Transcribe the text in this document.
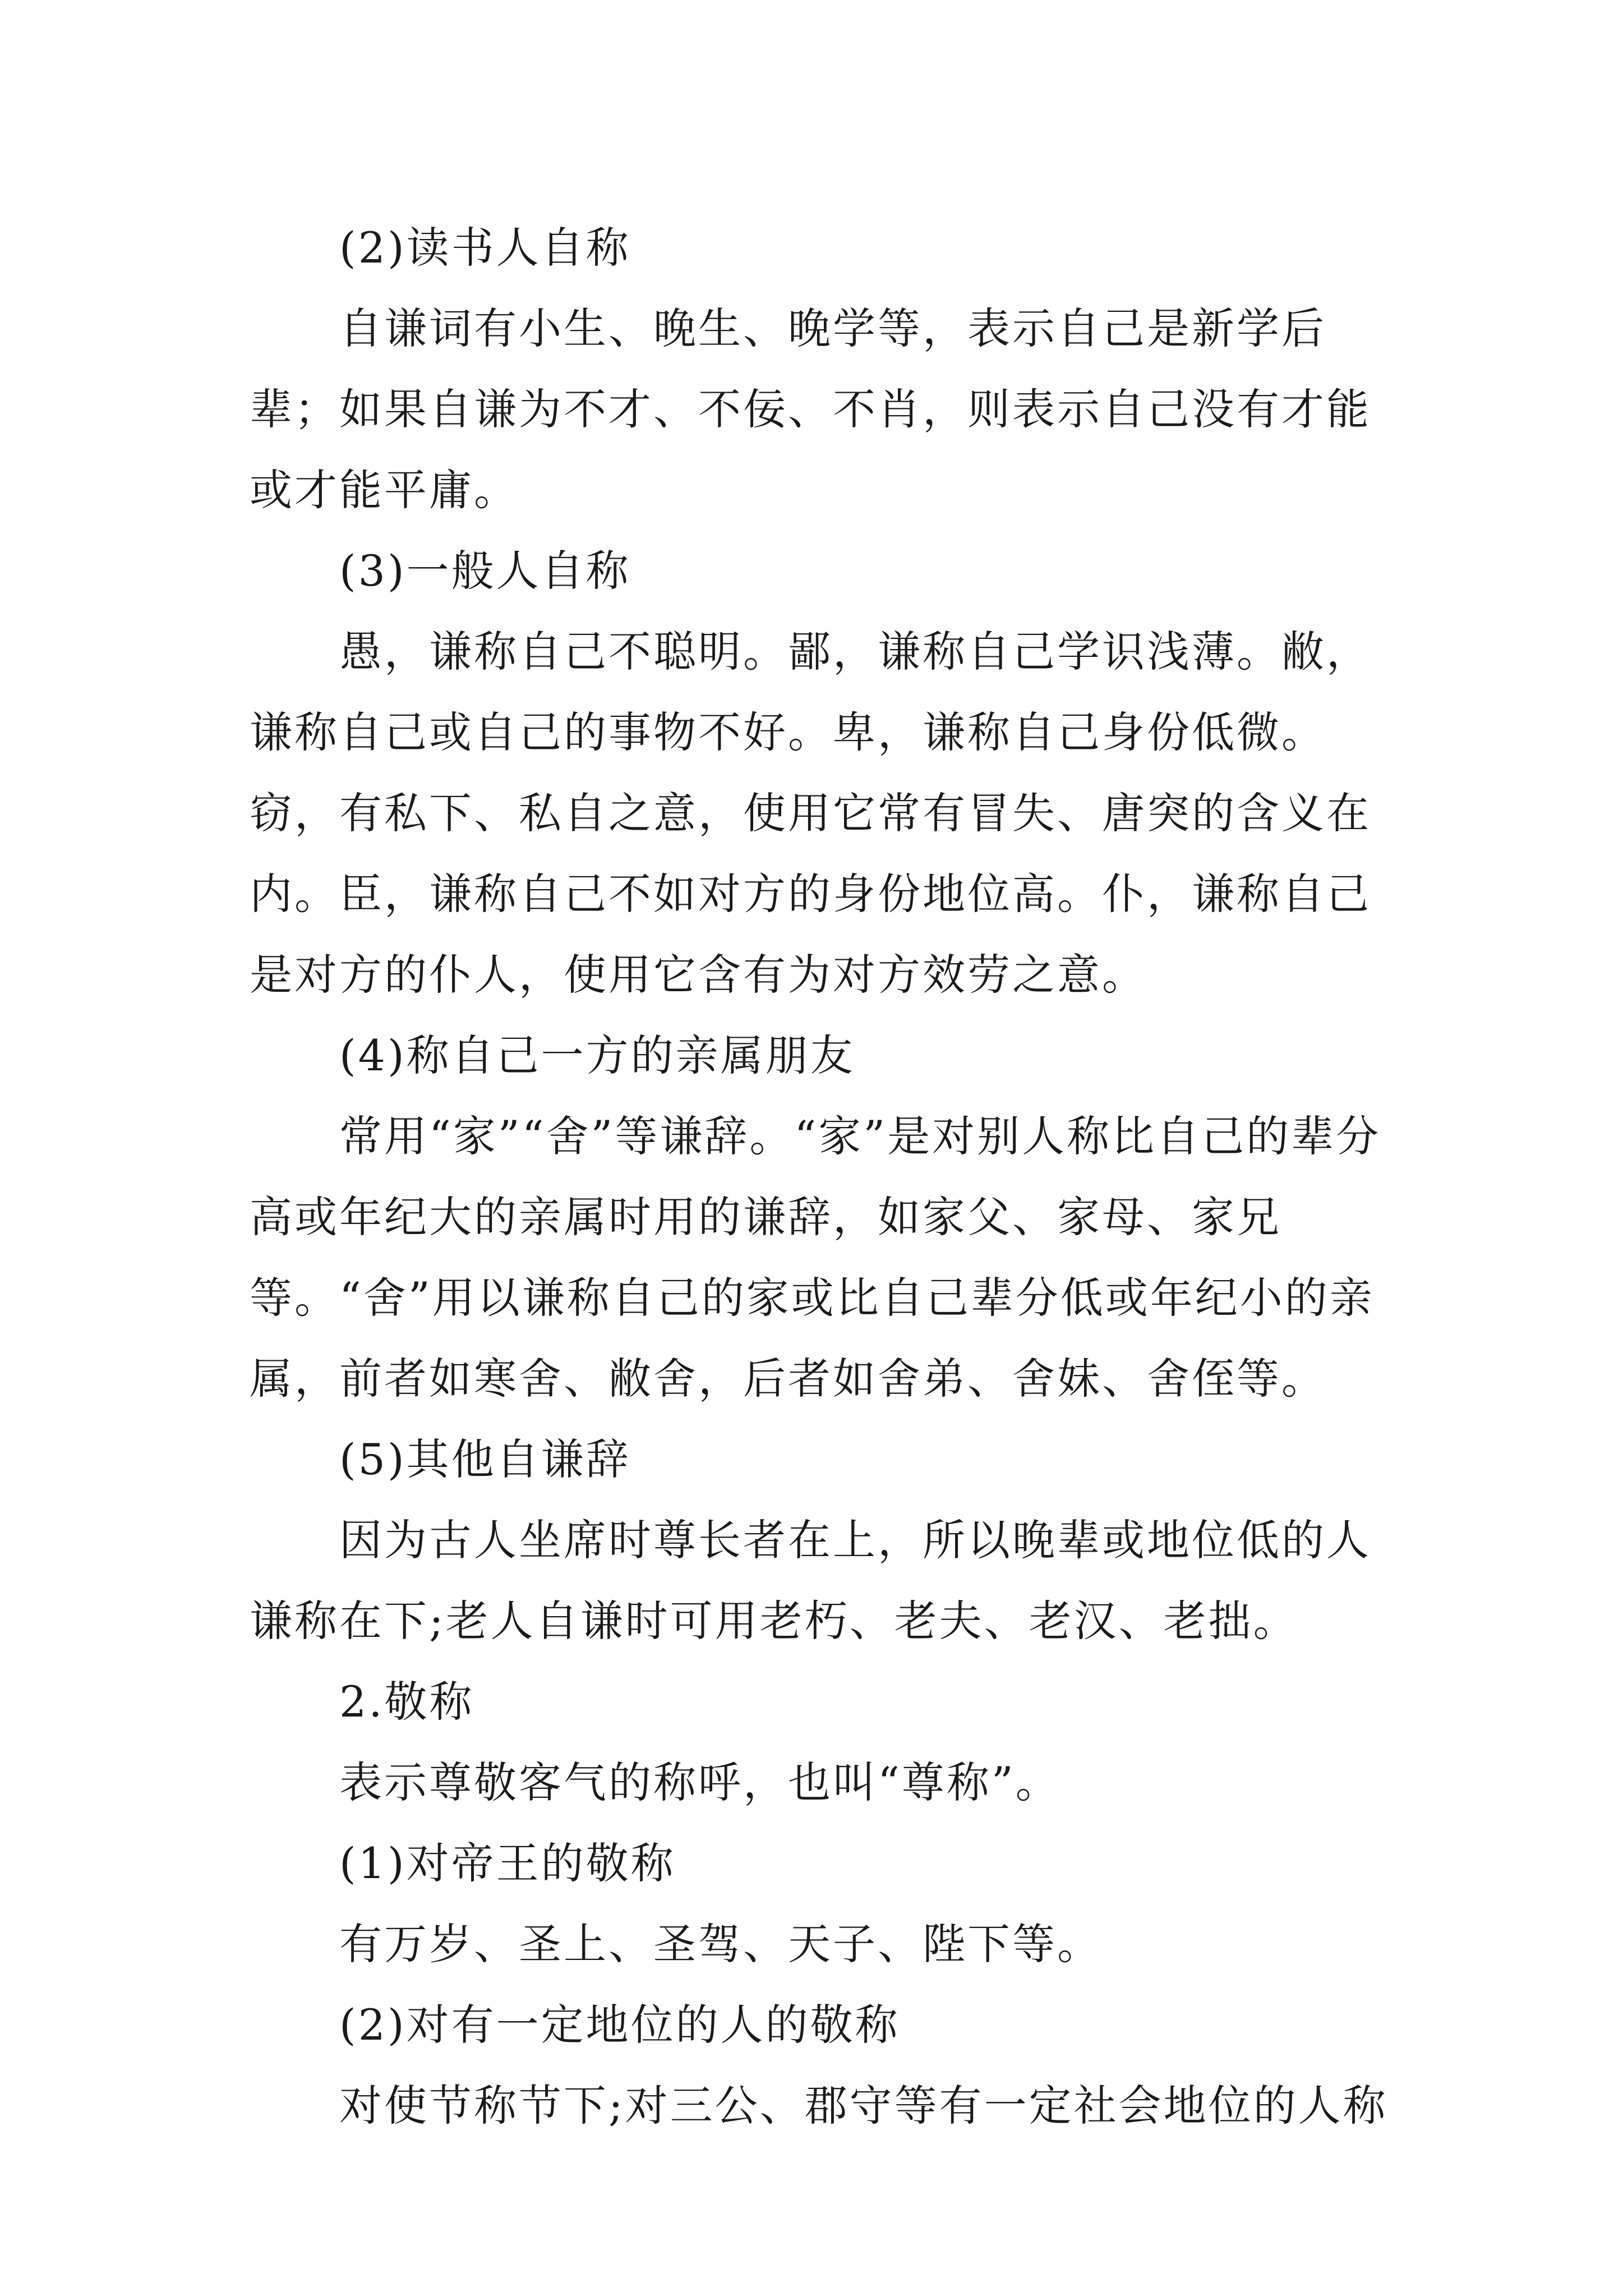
(2)读书人自称

自谦词有小生、晚生、晚学等，表示自己是新学后辈；如果自谦为不才、不佞、不肖，则表示自己没有才能或才能平庸。

(3)一般人自称

愚，谦称自己不聪明。鄙，谦称自己学识浅薄。敝，谦称自己或自己的事物不好。卑，谦称自己身份低微。窃，有私下、私自之意，使用它常有冒失、唐突的含义在内。臣，谦称自己不如对方的身份地位高。仆，谦称自己是对方的仆人，使用它含有为对方效劳之意。

(4)称自己一方的亲属朋友

常用“家”“舍”等谦辞。“家”是对别人称比自己的辈分高或年纪大的亲属时用的谦辞，如家父、家母、家兄等。“舍”用以谦称自己的家或比自己辈分低或年纪小的亲属，前者如寒舍、敝舍，后者如舍弟、舍妹、舍侄等。

(5)其他自谦辞

因为古人坐席时尊长者在上，所以晚辈或地位低的人谦称在下;老人自谦时可用老朽、老夫、老汉、老拙。

2.敬称

表示尊敬客气的称呼，也叫“尊称”。

(1)对帝王的敬称

有万岁、圣上、圣驾、天子、陛下等。

(2)对有一定地位的人的敬称

对使节称节下;对三公、郡守等有一定社会地位的人称
